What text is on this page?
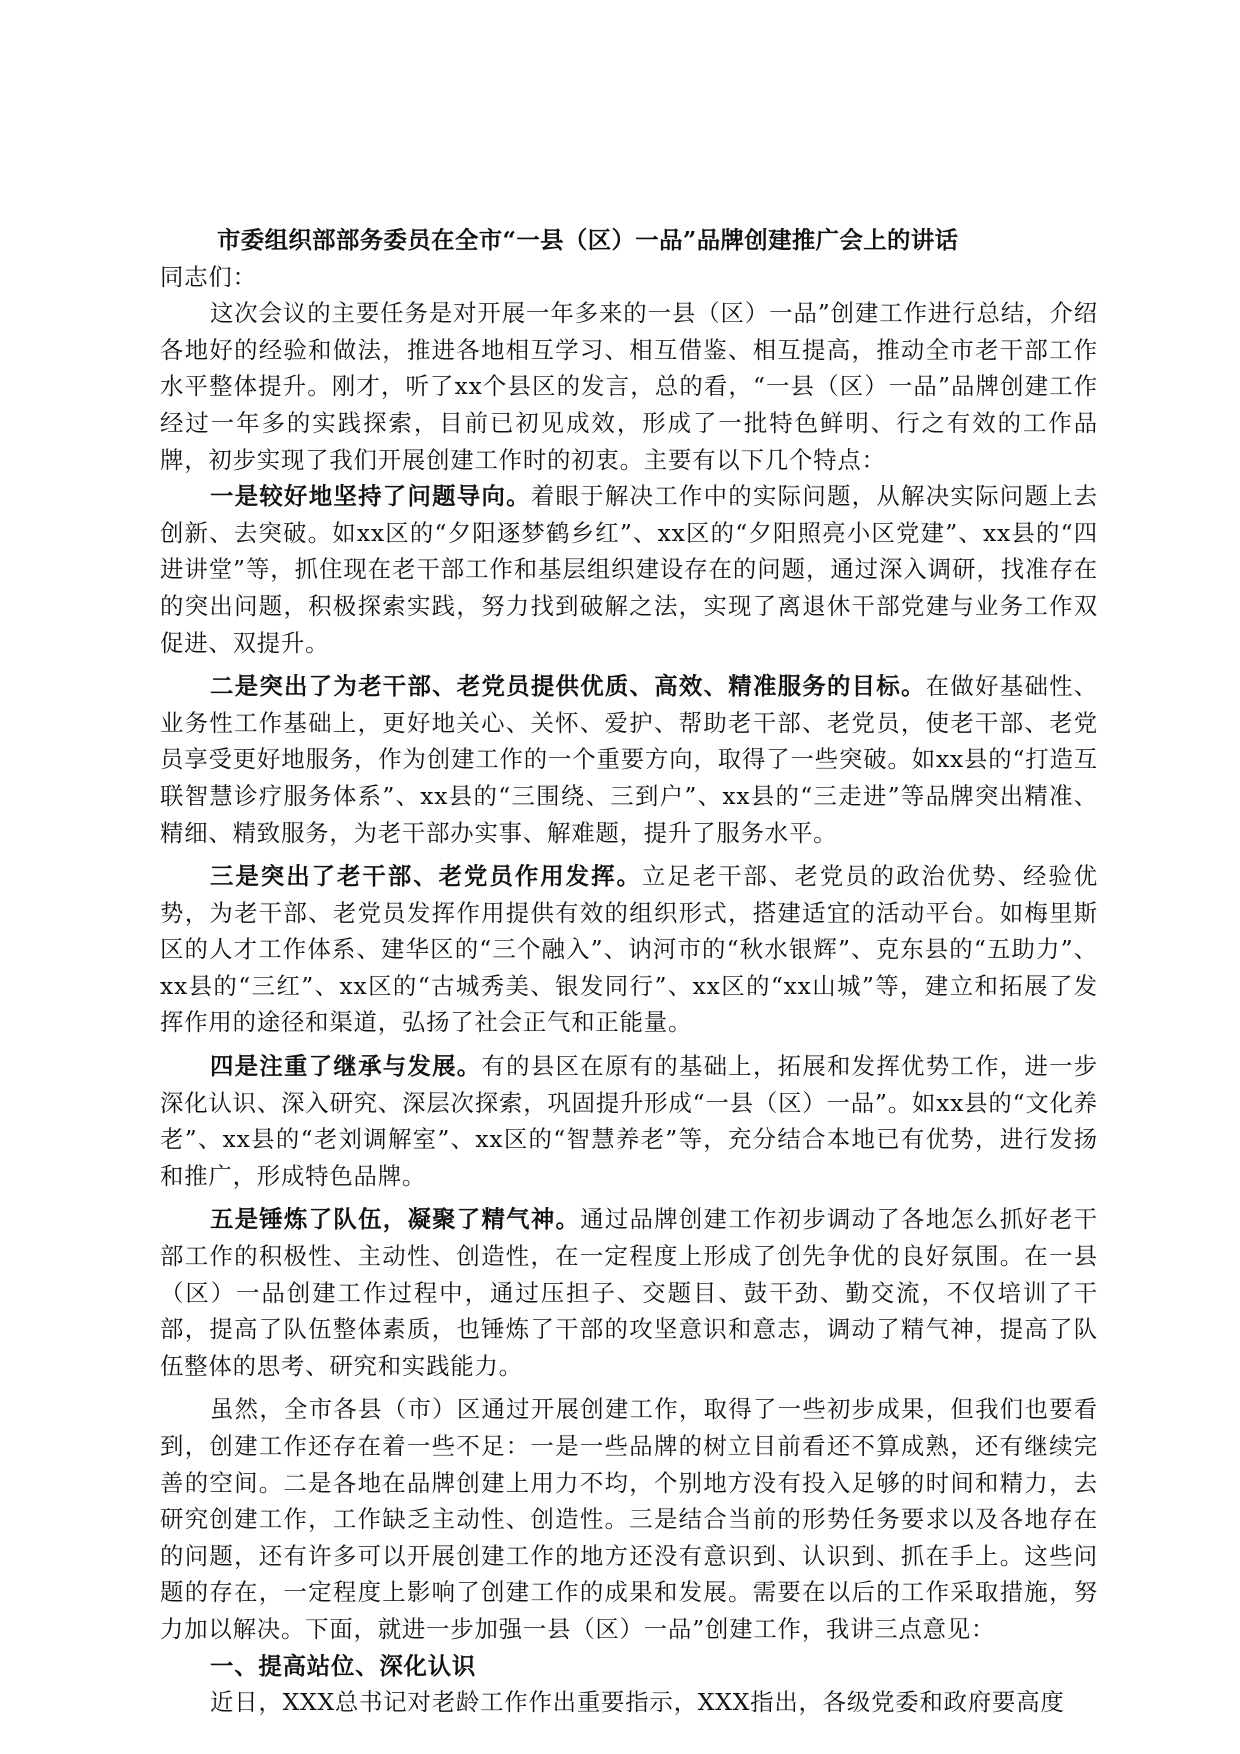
市委组织部部务委员在全市“一县（区）一品”品牌创建推广会上的讲话

同志们：

这次会议的主要任务是对开展一年多来的一县（区）一品”创建工作进行总结，介绍各地好的经验和做法，推进各地相互学习、相互借鉴、相互提高，推动全市老干部工作水平整体提升。刚才，听了xx个县区的发言，总的看，“一县（区）一品”品牌创建工作经过一年多的实践探索，目前已初见成效，形成了一批特色鲜明、行之有效的工作品牌，初步实现了我们开展创建工作时的初衷。主要有以下几个特点：

一是较好地坚持了问题导向。着眼于解决工作中的实际问题，从解决实际问题上去创新、去突破。如xx区的“夕阳逐梦鹤乡红”、xx区的“夕阳照亮小区党建”、xx县的“四进讲堂”等，抓住现在老干部工作和基层组织建设存在的问题，通过深入调研，找准存在的突出问题，积极探索实践，努力找到破解之法，实现了离退休干部党建与业务工作双促进、双提升。

二是突出了为老干部、老党员提供优质、高效、精准服务的目标。在做好基础性、业务性工作基础上，更好地关心、关怀、爱护、帮助老干部、老党员，使老干部、老党员享受更好地服务，作为创建工作的一个重要方向，取得了一些突破。如xx县的“打造互联智慧诊疗服务体系”、xx县的“三围绕、三到户”、xx县的“三走进”等品牌突出精准、精细、精致服务，为老干部办实事、解难题，提升了服务水平。

三是突出了老干部、老党员作用发挥。立足老干部、老党员的政治优势、经验优势，为老干部、老党员发挥作用提供有效的组织形式，搭建适宜的活动平台。如梅里斯区的人才工作体系、建华区的“三个融入”、讷河市的“秋水银辉”、克东县的“五助力”、xx县的“三红”、xx区的“古城秀美、银发同行”、xx区的“xx山城”等，建立和拓展了发挥作用的途径和渠道，弘扬了社会正气和正能量。

四是注重了继承与发展。有的县区在原有的基础上，拓展和发挥优势工作，进一步深化认识、深入研究、深层次探索，巩固提升形成“一县（区）一品”。如xx县的“文化养老”、xx县的“老刘调解室”、xx区的“智慧养老”等，充分结合本地已有优势，进行发扬和推广，形成特色品牌。

五是锤炼了队伍，凝聚了精气神。通过品牌创建工作初步调动了各地怎么抓好老干部工作的积极性、主动性、创造性，在一定程度上形成了创先争优的良好氛围。在一县（区）一品创建工作过程中，通过压担子、交题目、鼓干劲、勤交流，不仅培训了干部，提高了队伍整体素质，也锤炼了干部的攻坚意识和意志，调动了精气神，提高了队伍整体的思考、研究和实践能力。

虽然，全市各县（市）区通过开展创建工作，取得了一些初步成果，但我们也要看到，创建工作还存在着一些不足：一是一些品牌的树立目前看还不算成熟，还有继续完善的空间。二是各地在品牌创建上用力不均，个别地方没有投入足够的时间和精力，去研究创建工作，工作缺乏主动性、创造性。三是结合当前的形势任务要求以及各地存在的问题，还有许多可以开展创建工作的地方还没有意识到、认识到、抓在手上。这些问题的存在，一定程度上影响了创建工作的成果和发展。需要在以后的工作采取措施，努力加以解决。下面，就进一步加强一县（区）一品”创建工作，我讲三点意见：

一、提高站位、深化认识

近日，XXX总书记对老龄工作作出重要指示，XXX指出，各级党委和政府要高度
